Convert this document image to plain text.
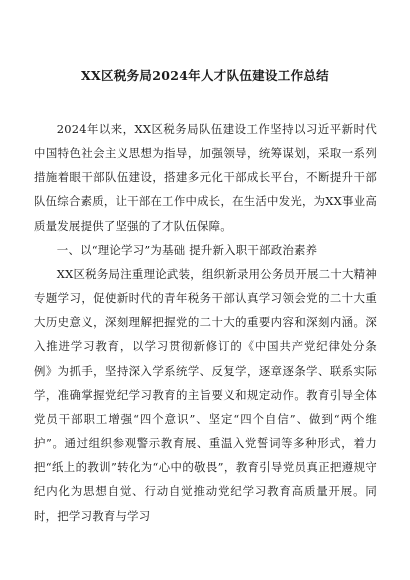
XX区税务局2024年人才队伍建设工作总结

2024年以来，XX区税务局队伍建设工作坚持以习近平新时代中国特色社会主义思想为指导，加强领导，统筹谋划，采取一系列措施着眼干部队伍建设，搭建多元化干部成长平台，不断提升干部队伍综合素质，让干部在工作中成长，在生活中发光，为XX事业高质量发展提供了坚强的了才队伍保障。

一、以“理论学习”为基础 提升新入职干部政治素养

XX区税务局注重理论武装，组织新录用公务员开展二十大精神专题学习，促使新时代的青年税务干部认真学习领会党的二十大重大历史意义，深刻理解把握党的二十大的重要内容和深刻内涵。深入推进学习教育，以学习贯彻新修订的《中国共产党纪律处分条例》为抓手，坚持深入学系统学、反复学，逐章逐条学、联系实际学，准确掌握党纪学习教育的主旨要义和规定动作。教育引导全体党员干部职工增强“四个意识”、坚定“四个自信”、做到“两个维护”。通过组织参观警示教育展、重温入党誓词等多种形式，着力把“纸上的教训”转化为“心中的敬畏”，教育引导党员真正把遵规守纪内化为思想自觉、行动自觉推动党纪学习教育高质量开展。同时，把学习教育与学习
